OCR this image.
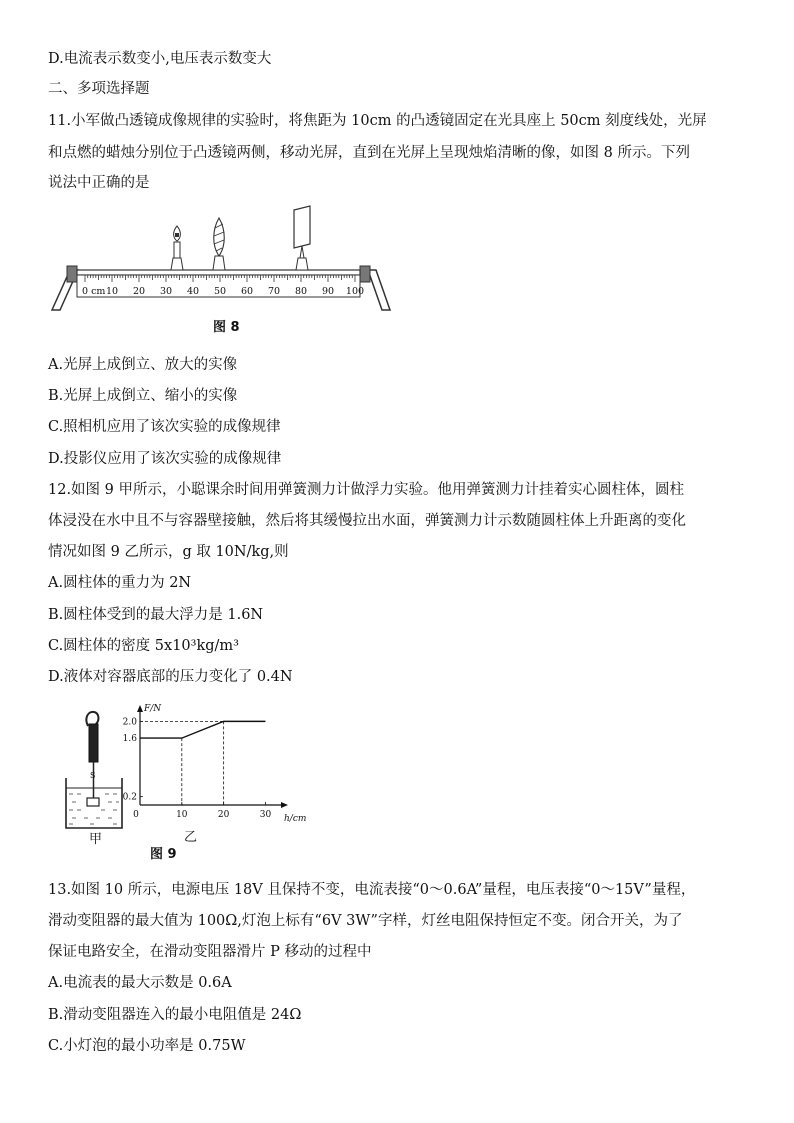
D.电流表示数变小,电压表示数变大
二、多项选择题
11.小军做凸透镜成像规律的实验时，将焦距为 10cm 的凸透镜固定在光具座上 50cm 刻度线处，光屏
和点燃的蜡烛分别位于凸透镜两侧，移动光屏，直到在光屏上呈现烛焰清晰的像，如图 8 所示。下列
说法中正确的是
0 cm 10 20 30 40 50 60 70 80 90 100
图 8
A.光屏上成倒立、放大的实像
B.光屏上成倒立、缩小的实像
C.照相机应用了该次实验的成像规律
D.投影仪应用了该次实验的成像规律
12.如图 9 甲所示，小聪课余时间用弹簧测力计做浮力实验。他用弹簧测力计挂着实心圆柱体，圆柱
体浸没在水中且不与容器壁接触，然后将其缓慢拉出水面，弹簧测力计示数随圆柱体上升距离的变化
情况如图 9 乙所示，g 取 10N/kg,则
A.圆柱体的重力为 2N
B.圆柱体受到的最大浮力是 1.6N
C.圆柱体的密度 5x10³kg/m³
D.液体对容器底部的压力变化了 0.4N
S
甲
F/N
h/cm
2.0
1.6
0.2
0	10	20	30
乙
图 9
13.如图 10 所示，电源电压 18V 且保持不变，电流表接“0～0.6A”量程，电压表接“0～15V”量程，
滑动变阻器的最大值为 100Ω,灯泡上标有“6V 3W”字样，灯丝电阻保持恒定不变。闭合开关，为了
保证电路安全，在滑动变阻器滑片 P 移动的过程中
A.电流表的最大示数是 0.6A
B.滑动变阻器连入的最小电阻值是 24Ω
C.小灯泡的最小功率是 0.75W
